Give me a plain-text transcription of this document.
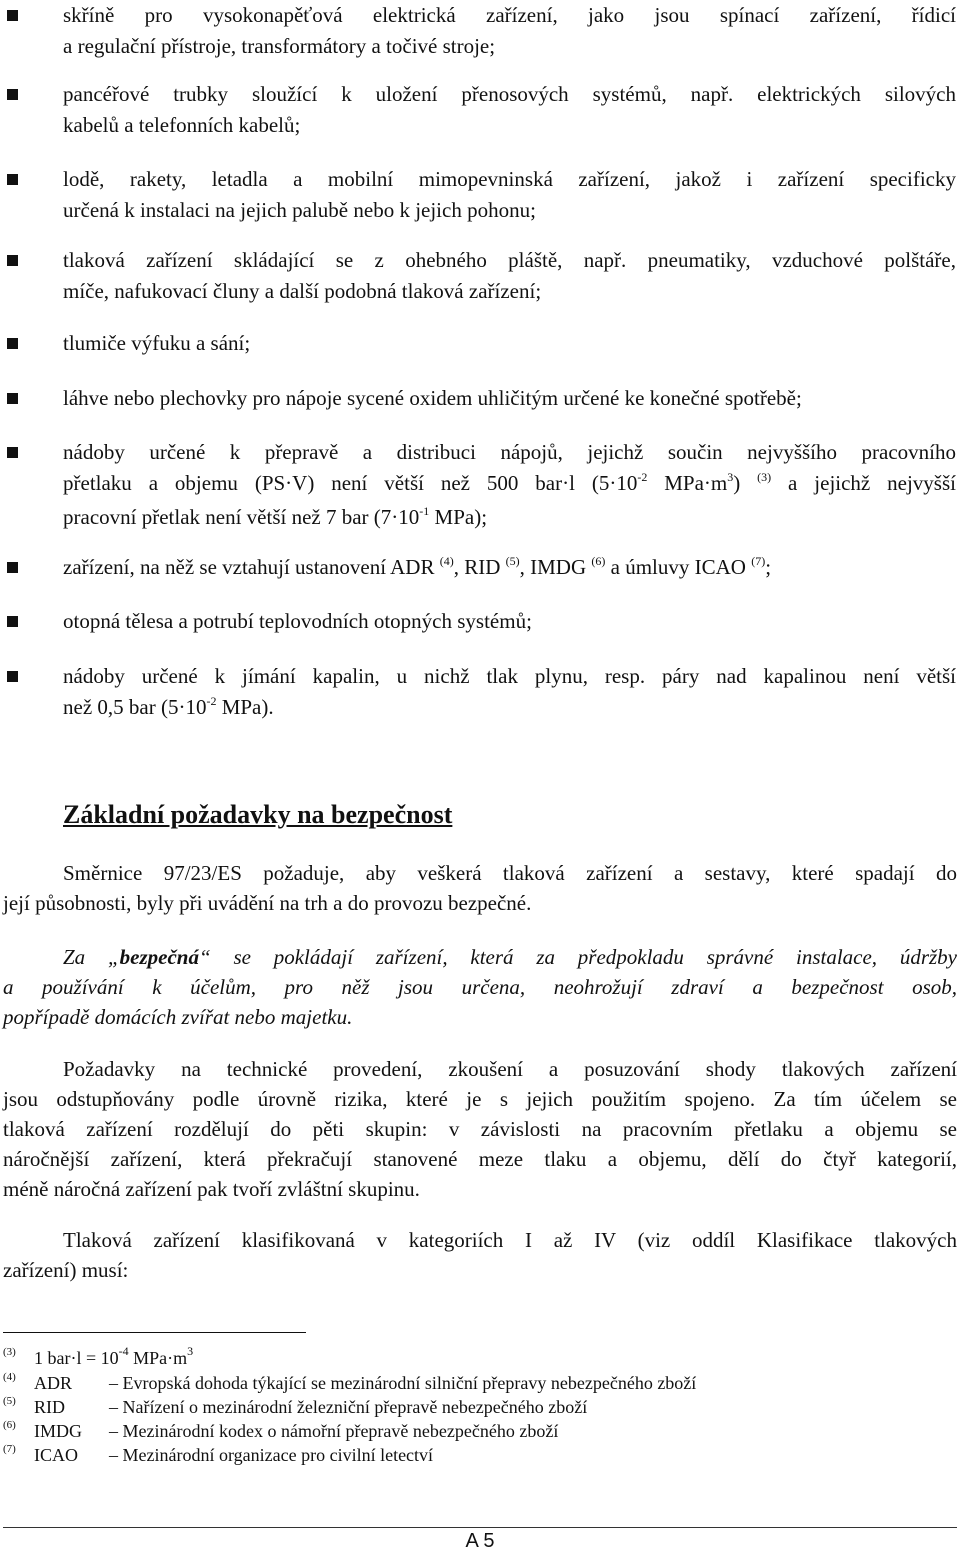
skříně pro vysokonapěťová elektrická zařízení, jako jsou spínací zařízení, řídicí
a regulační přístroje, transformátory a točivé stroje;
pancéřové trubky sloužící k uložení přenosových systémů, např. elektrických silových
kabelů a telefonních kabelů;
lodě, rakety, letadla a mobilní mimopevninská zařízení, jakož i zařízení specificky
určená k instalaci na jejich palubě nebo k jejich pohonu;
tlaková zařízení skládající se z ohebného pláště, např. pneumatiky, vzduchové polštáře,
míče, nafukovací čluny a další podobná tlaková zařízení;
tlumiče výfuku a sání;
láhve nebo plechovky pro nápoje sycené oxidem uhličitým určené ke konečné spotřebě;
nádoby určené k přepravě a distribuci nápojů, jejichž součin nejvyššího pracovního
přetlaku a objemu (PS·V) není větší než 500 bar·l ($5\cdot 10^{-2}$ $MPa\cdot m^3$) $^{(3)}$ a jejichž nejvyšší
pracovní přetlak není větší než 7 bar ($7\cdot 10^{-1}$ MPa);
zařízení, na něž se vztahují ustanovení ADR $^{(4)}$, RID $^{(5)}$, IMDG $^{(6)}$ a úmluvy ICAO $^{(7)}$;
otopná tělesa a potrubí teplovodních otopných systémů;
nádoby určené k jímání kapalin, u nichž tlak plynu, resp. páry nad kapalinou není větší
než 0,5 bar ($5\cdot 10^{-2}$ MPa).
Základní požadavky na bezpečnost

Směrnice 97/23/ES požaduje, aby veškerá tlaková zařízení a sestavy, které spadají do
její působnosti, byly při uvádění na trh a do provozu bezpečné.

Za „bezpečná“ se pokládají zařízení, která za předpokladu správné instalace, údržby
a používání k účelům, pro něž jsou určena, neohrožují zdraví a bezpečnost osob,
popřípadě domácích zvířat nebo majetku.

Požadavky na technické provedení, zkoušení a posuzování shody tlakových zařízení
jsou odstupňovány podle úrovně rizika, které je s jejich použitím spojeno. Za tím účelem se
tlaková zařízení rozdělují do pěti skupin: v závislosti na pracovním přetlaku a objemu se
náročnější zařízení, která překračují stanovené meze tlaku a objemu, dělí do čtyř kategorií,
méně náročná zařízení pak tvoří zvláštní skupinu.

Tlaková zařízení klasifikovaná v kategoriích I až IV (viz oddíl Klasifikace tlakových
zařízení) musí:

(3) 1 $bar\cdot l = 10^{-4}$ $MPa\cdot m^3$
(4) ADR – Evropská dohoda týkající se mezinárodní silniční přepravy nebezpečného zboží
(5) RID – Nařízení o mezinárodní železniční přepravě nebezpečného zboží
(6) IMDG – Mezinárodní kodex o námořní přepravě nebezpečného zboží
(7) ICAO – Mezinárodní organizace pro civilní letectví
A 5
